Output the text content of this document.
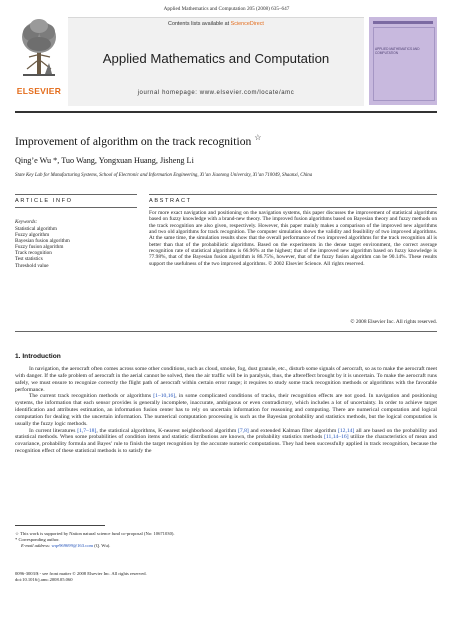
Applied Mathematics and Computation 205 (2008) 635–647
ELSEVIER
Contents lists available at ScienceDirect
Applied Mathematics and Computation
journal homepage: www.elsevier.com/locate/amc
APPLIED MATHEMATICS AND COMPUTATION
Improvement of algorithm on the track recognition ☆
Qing’e Wu *, Tuo Wang, Yongxuan Huang, Jisheng Li
State Key Lab for Manufacturing Systems, School of Electronic and Information Engineering, Xi’an Jiaotong University, Xi’an 710049, Shaanxi, China
ARTICLE INFO
Keywords:
Statistical algorithm
Fuzzy algorithm
Bayesian fusion algorithm
Fuzzy fusion algorithm
Track recognition
Test statistics
Threshold value
ABSTRACT
For more exact navigation and positioning on the navigation systems, this paper discusses the improvement of statistical algorithms based on fuzzy knowledge with a brand-new theory. The improved fusion algorithms based on Bayesian theory and fuzzy methods on the track recognition are also given, respectively. However, this paper mainly makes a comparison of the improved new algorithms and two old algorithms for track recognition. The computer simulation shows the validity and feasibility of two improved algorithms. At the same time, the simulation results show that the overall performance of two improved algorithms for the track recognition all is better than that of the probabilistic algorithms. Based on the experiments in the dense target environment, the correct average recognition rate of statistical algorithms is 66.96% at the highest; that of the improved new algorithm based on fuzzy knowledge is 77.98%, that of the Bayesian fusion algorithm is 86.75%, however, that of the fuzzy fusion algorithm can be 90.14%. These results support the usefulness of the two improved algorithms. © 2002 Elsevier Science. All rights reserved.
© 2008 Elsevier Inc. All rights reserved.
1. Introduction

In navigation, the aerocraft often comes across some other conditions, such as cloud, smoke, fog, dust granule, etc., disturb some signals of aerocraft, so as to make the aerocraft meet with danger. If the safe problem of aerocraft in the aerial cannot be solved, then the air traffic will be in paralysis, thus, the aftereffect brought by it is uncertain. To make the aerocraft runs safely, we must ensure to recognize correctly the flight path of aerocraft within certain error range; it requires to study some track recognition methods or algorithms with the favorable performance.

The current track recognition methods or algorithms [1–10,16], in some complicated conditions of tracks, their recognition effects are not good. In navigation and positioning systems, the information that each sensor provides is generally incomplete, inaccurate, ambiguous or even contradictory, which includes a lot of uncertainty. In order to achieve target identification and attributes estimation, an information fusion center has to rely on uncertain information for reasoning and computing. There are numerical computation and logical computation for dealing with the uncertain information. The numerical computation processing is such as the Bayesian probability and statistics methods, but the logical computation is usually the fuzzy logic methods.

In current literatures [1,7–18], the statistical algorithms, K-nearest neighborhood algorithm [7,8] and extended Kalman filter algorithm [12,14] all are based on the probability and statistical methods. When some probabilities of condition items and statistic distributions are known, the probability statistics methods [11,14–16] utilize the characteristics of mean and covariance, probability formula and Bayes’ rule to finish the target recognition by the accurate numeric computations. They had been successfully applied in track recognition, because the recognition effect of these statistical methods is to satisfy the

☆ This work is supported by Nation natural science fund co-proposal (No: 10671030).
* Corresponding author.
E-mail address: wqe969699@163.com (Q. Wu).
0096-3003/$ - see front matter © 2008 Elsevier Inc. All rights reserved.
doi:10.1016/j.amc.2008.05.060
